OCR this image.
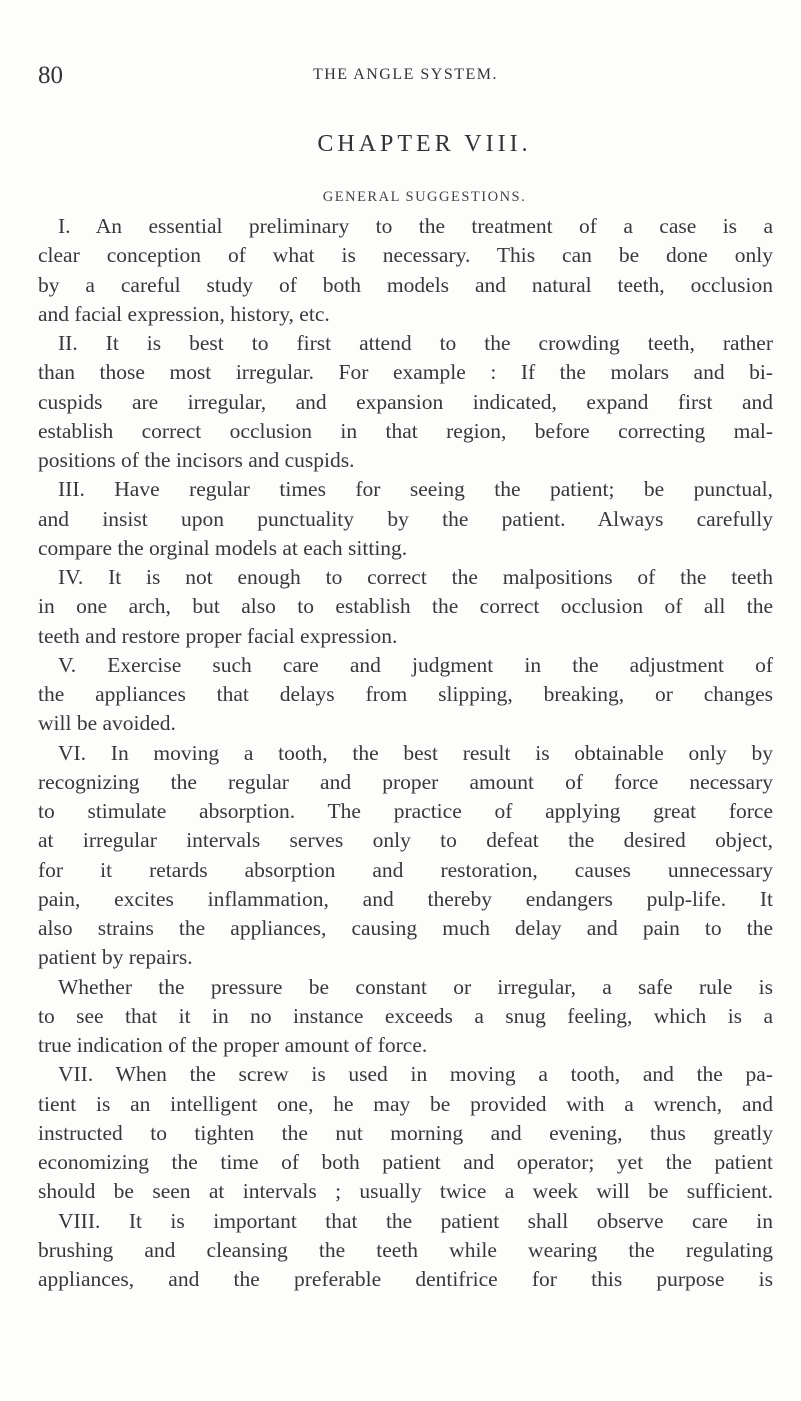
80	THE ANGLE SYSTEM.
CHAPTER VIII.
GENERAL SUGGESTIONS.
I. An essential preliminary to the treatment of a case is a
clear conception of what is necessary. This can be done only
by a careful study of both models and natural teeth, occlusion
and facial expression, history, etc.
II. It is best to first attend to the crowding teeth, rather
than those most irregular. For example : If the molars and bi-
cuspids are irregular, and expansion indicated, expand first and
establish correct occlusion in that region, before correcting mal-
positions of the incisors and cuspids.
III. Have regular times for seeing the patient; be punctual,
and insist upon punctuality by the patient. Always carefully
compare the orginal models at each sitting.
IV. It is not enough to correct the malpositions of the teeth
in one arch, but also to establish the correct occlusion of all the
teeth and restore proper facial expression.
V. Exercise such care and judgment in the adjustment of
the appliances that delays from slipping, breaking, or changes
will be avoided.
VI. In moving a tooth, the best result is obtainable only by
recognizing the regular and proper amount of force necessary
to stimulate absorption. The practice of applying great force
at irregular intervals serves only to defeat the desired object,
for it retards absorption and restoration, causes unnecessary
pain, excites inflammation, and thereby endangers pulp-life. It
also strains the appliances, causing much delay and pain to the
patient by repairs.
Whether the pressure be constant or irregular, a safe rule is
to see that it in no instance exceeds a snug feeling, which is a
true indication of the proper amount of force.
VII. When the screw is used in moving a tooth, and the pa-
tient is an intelligent one, he may be provided with a wrench, and
instructed to tighten the nut morning and evening, thus greatly
economizing the time of both patient and operator; yet the patient
should be seen at intervals ; usually twice a week will be sufficient.
VIII. It is important that the patient shall observe care in
brushing and cleansing the teeth while wearing the regulating
appliances, and the preferable dentifrice for this purpose is
